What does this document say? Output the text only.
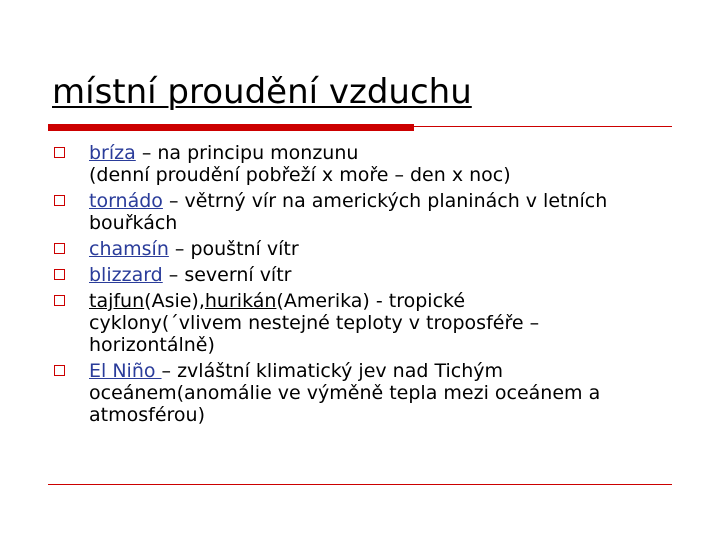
místní proudění vzduchu
bríza – na principu monzunu
(denní proudění pobřeží x moře – den x noc)
tornádo – větrný vír na amerických planinách v letních
bouřkách
chamsín – pouštní vítr
blizzard – severní vítr
tajfun(Asie),hurikán(Amerika) - tropické
cyklony(´vlivem nestejné teploty v troposféře –
horizontálně)
El Niño – zvláštní klimatický jev nad Tichým
oceánem(anomálie ve výměně tepla mezi oceánem a
atmosférou)
